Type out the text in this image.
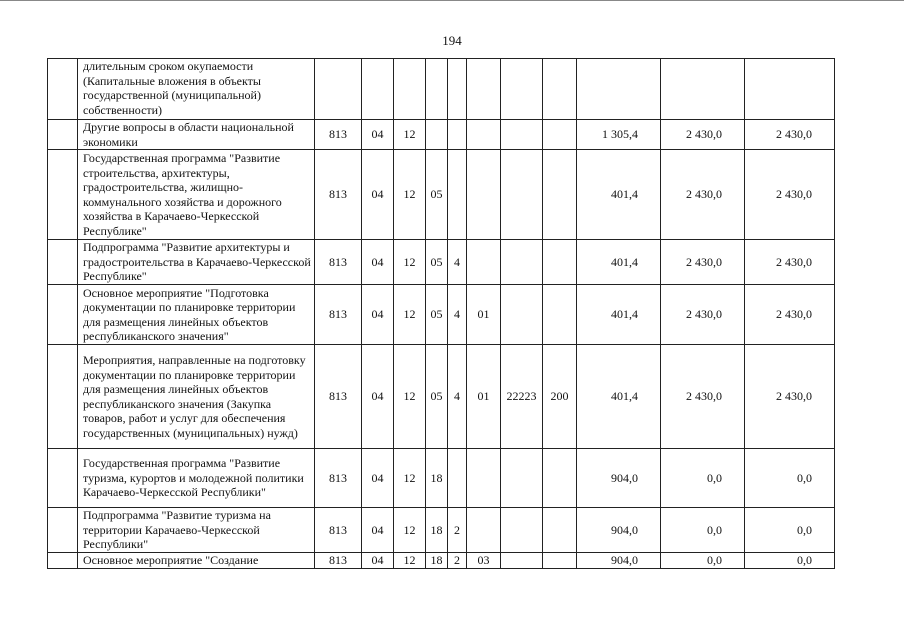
194
	длительным сроком окупаемости (Капитальные вложения в объекты государственной (муниципальной) собственности)											
	Другие вопросы в области национальной экономики	813	04	12						1 305,4	2 430,0	2 430,0
	Государственная программа "Развитие строительства, архитектуры, градостроительства, жилищно-коммунального хозяйства и дорожного хозяйства в Карачаево-Черкесской Республике"	813	04	12	05					401,4	2 430,0	2 430,0
	Подпрограмма "Развитие архитектуры и градостроительства в Карачаево-Черкесской Республике"	813	04	12	05	4				401,4	2 430,0	2 430,0
	Основное мероприятие "Подготовка документации по планировке территории для размещения линейных объектов республиканского значения"	813	04	12	05	4	01			401,4	2 430,0	2 430,0
	Мероприятия, направленные на подготовку документации по планировке территории для размещения линейных объектов республиканского значения (Закупка товаров, работ и услуг для обеспечения государственных (муниципальных) нужд)	813	04	12	05	4	01	22223	200	401,4	2 430,0	2 430,0
	Государственная программа "Развитие туризма, курортов и молодежной политики Карачаево-Черкесской Республики"	813	04	12	18					904,0	0,0	0,0
	Подпрограмма "Развитие туризма на территории Карачаево-Черкесской Республики"	813	04	12	18	2				904,0	0,0	0,0
	Основное мероприятие "Создание	813	04	12	18	2	03			904,0	0,0	0,0
